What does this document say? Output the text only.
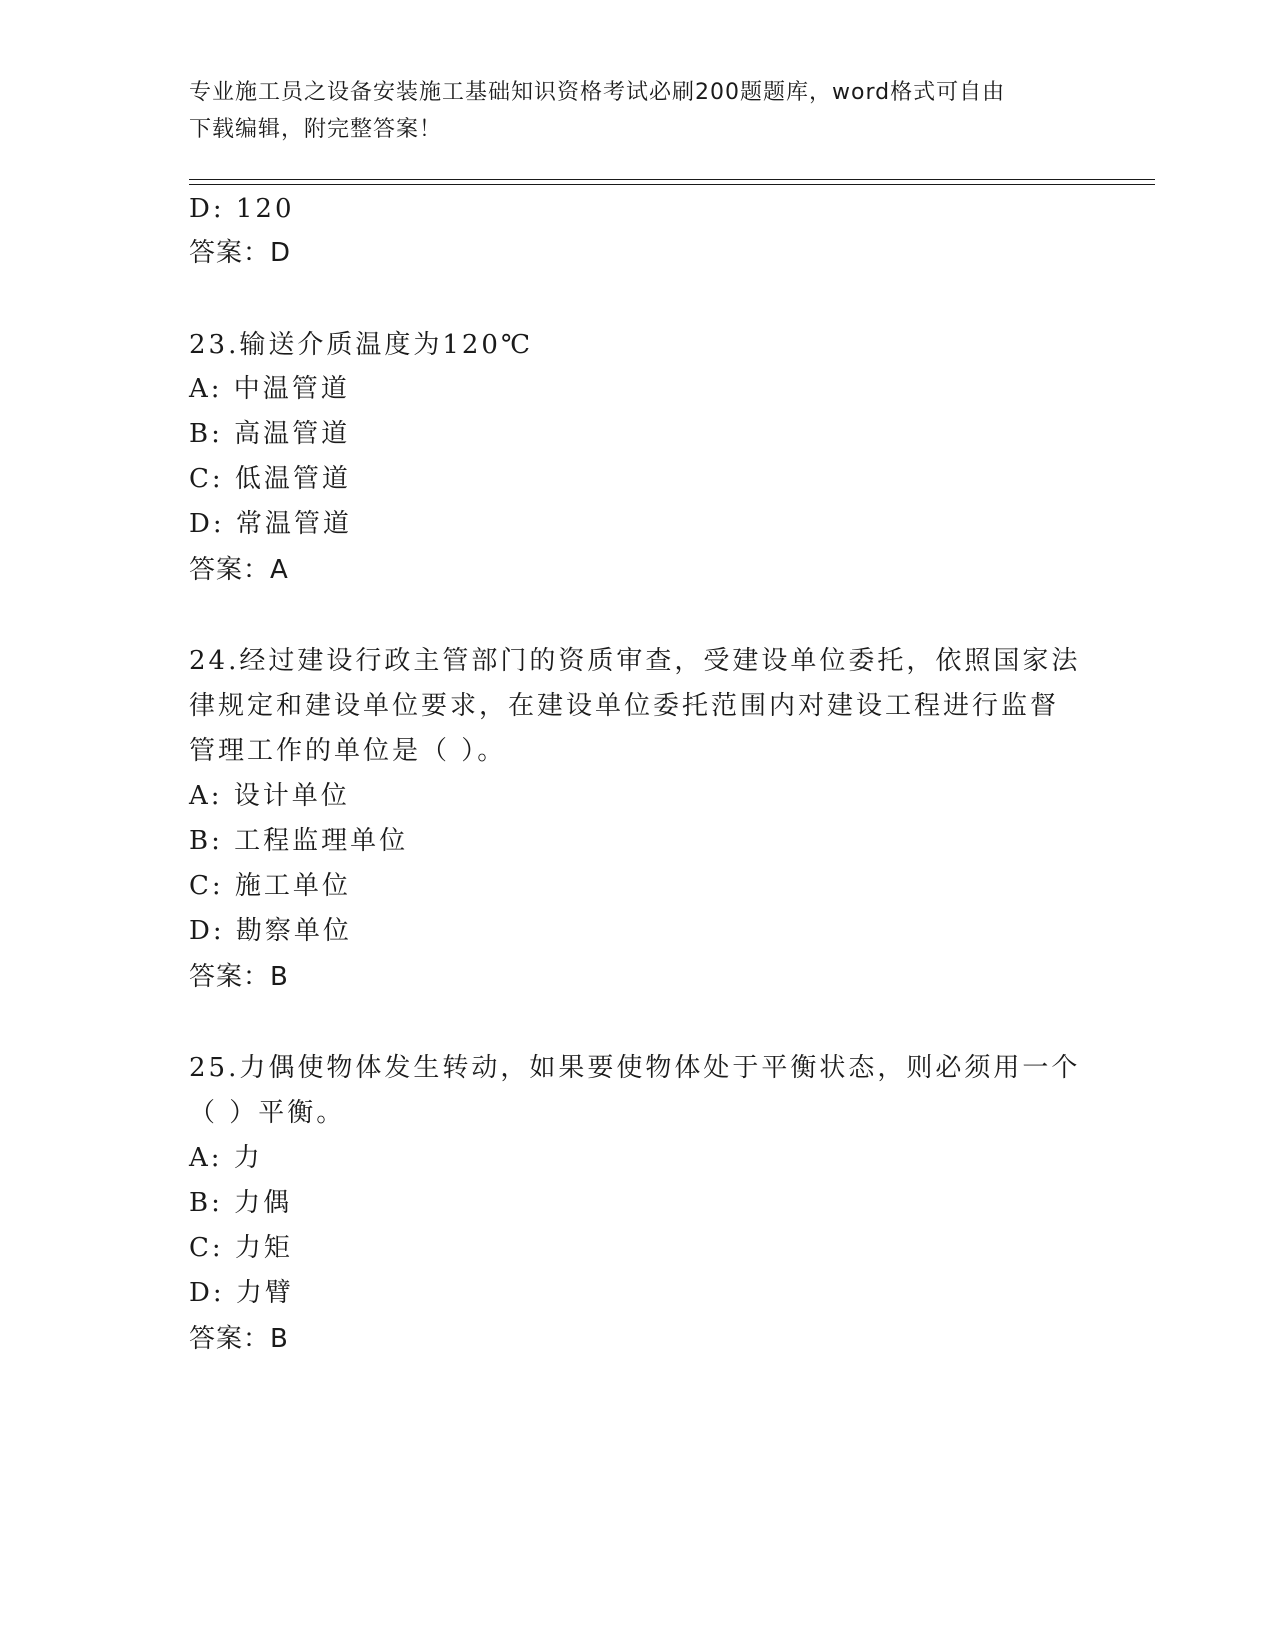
专业施工员之设备安装施工基础知识资格考试必刷200题题库，word格式可自由
下载编辑，附完整答案！
D: 120
答案：D
23.输送介质温度为120℃
A: 中温管道
B: 高温管道
C: 低温管道
D: 常温管道
答案：A
24.经过建设行政主管部门的资质审查，受建设单位委托，依照国家法
律规定和建设单位要求，在建设单位委托范围内对建设工程进行监督
管理工作的单位是（ ）。
A: 设计单位
B: 工程监理单位
C: 施工单位
D: 勘察单位
答案：B
25.力偶使物体发生转动，如果要使物体处于平衡状态，则必须用一个
（ ）平衡。
A: 力
B: 力偶
C: 力矩
D: 力臂
答案：B
